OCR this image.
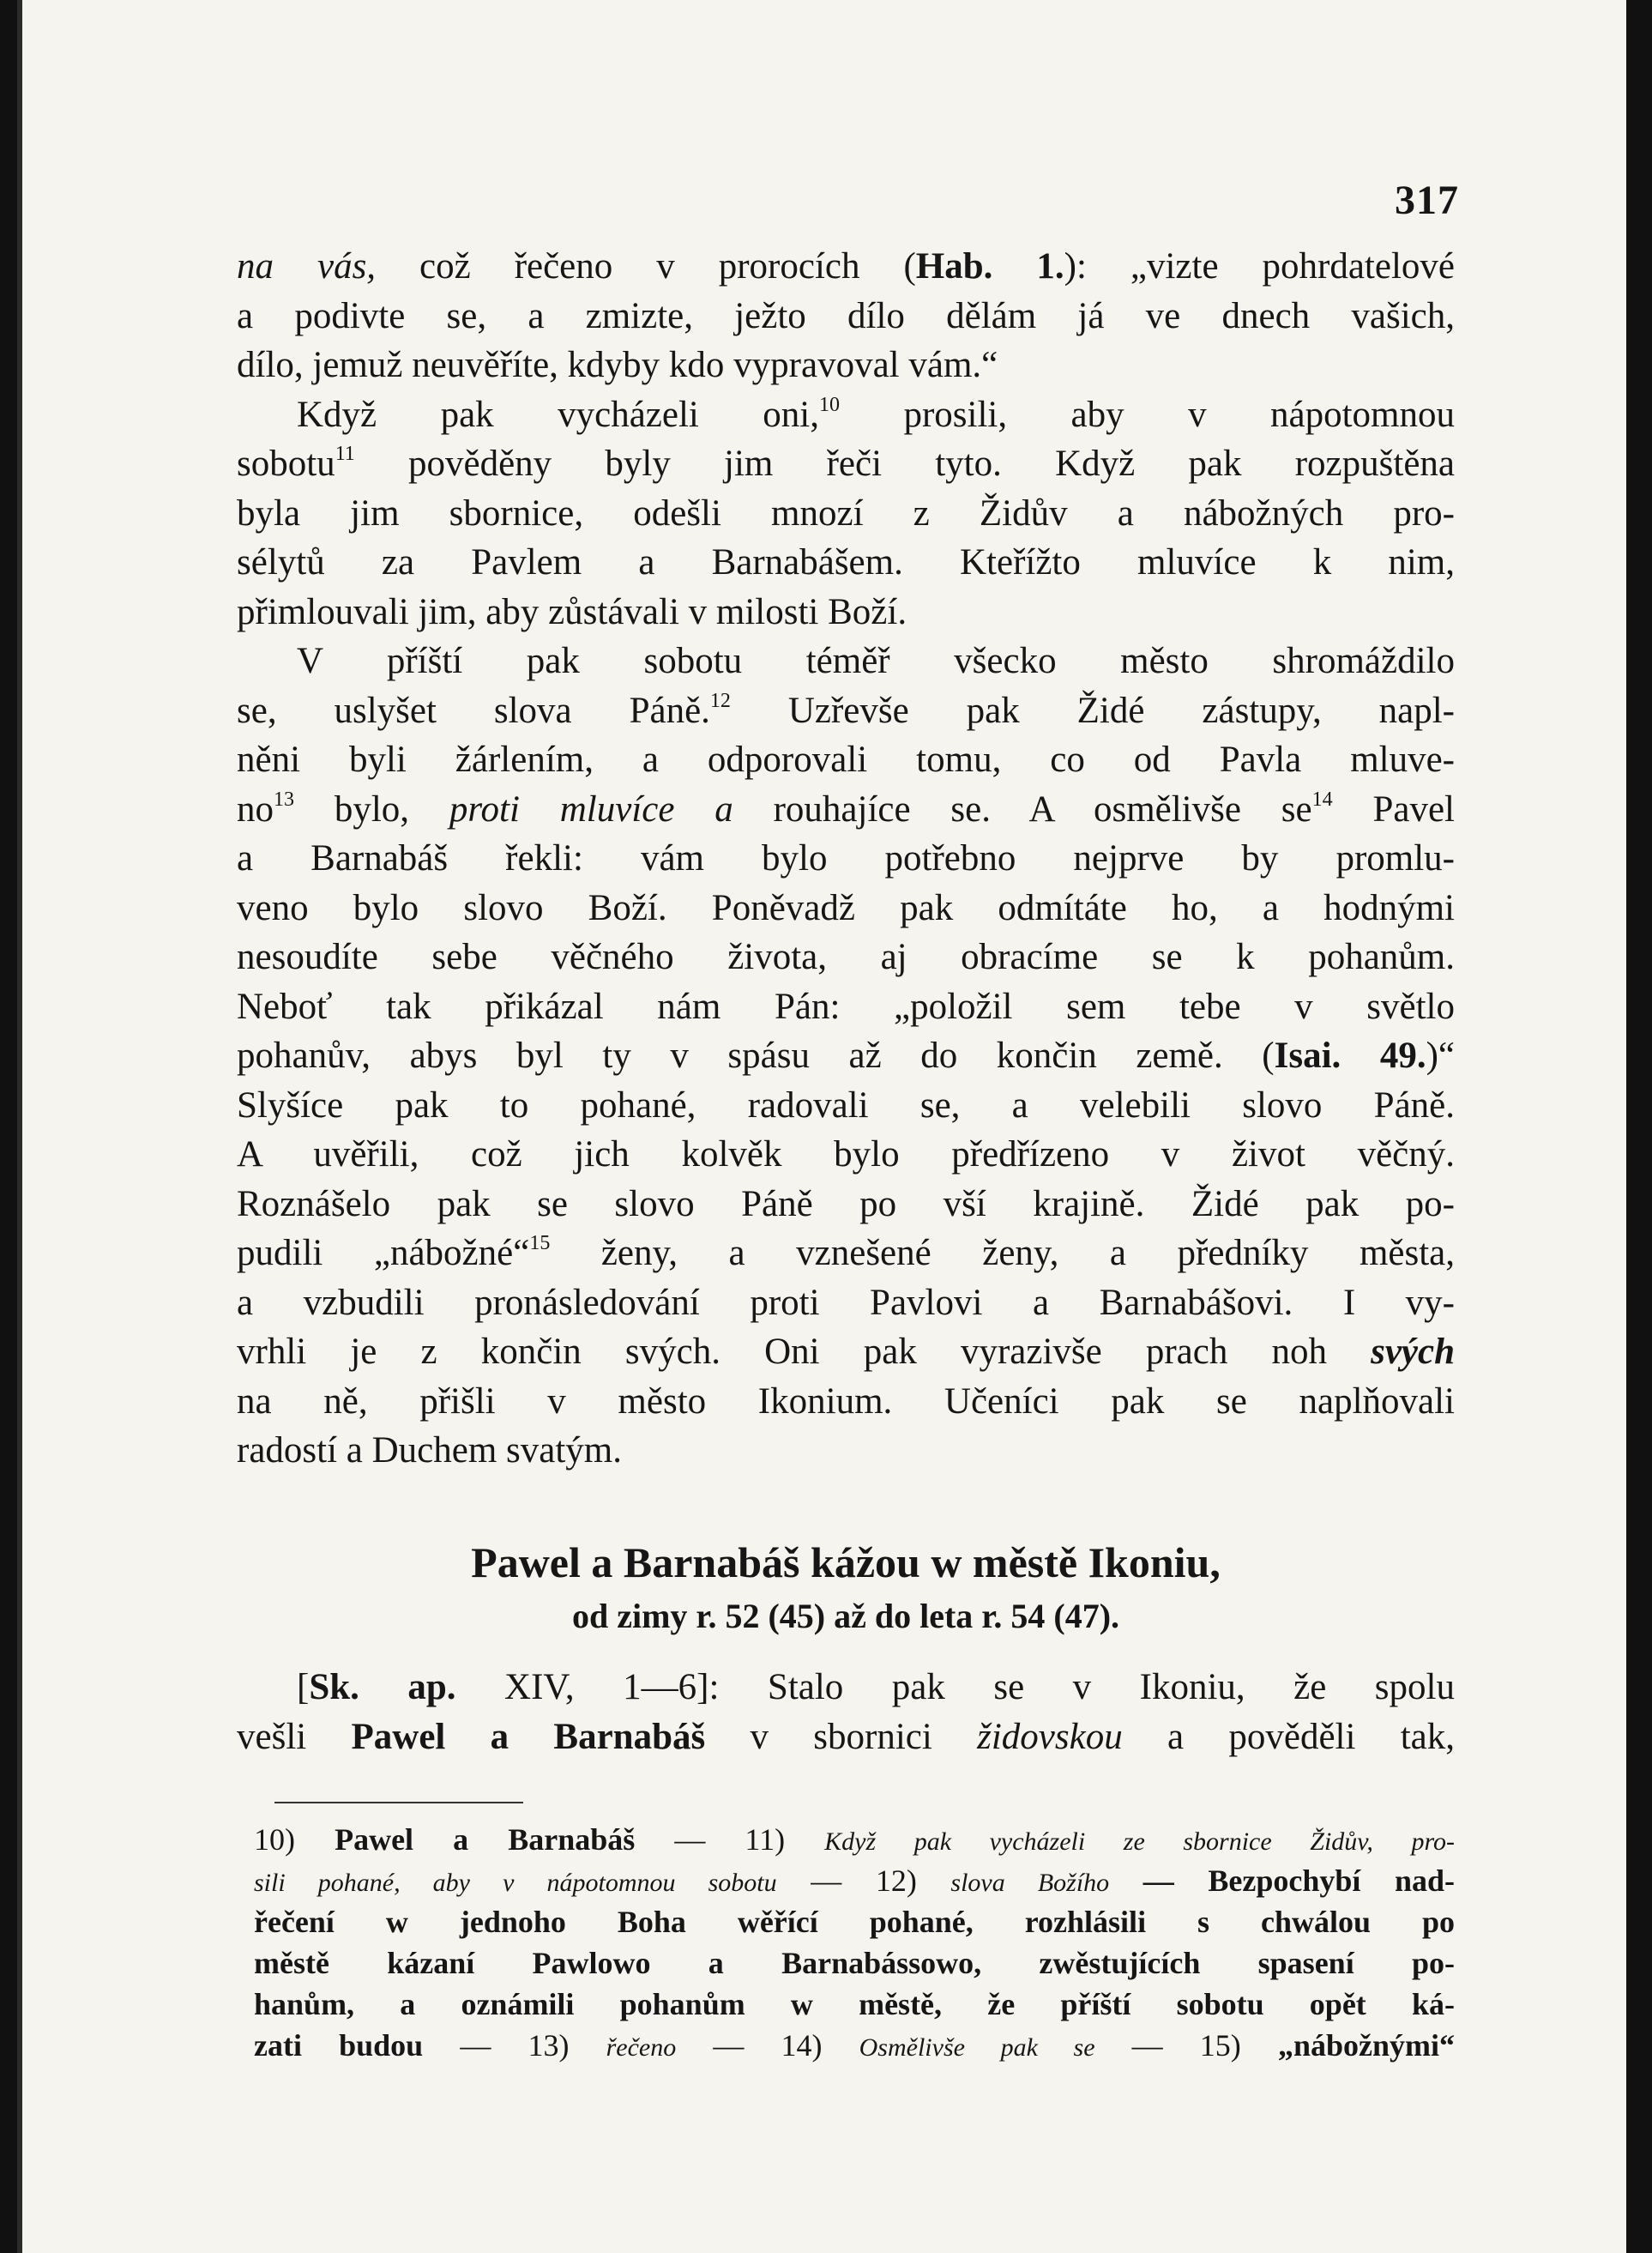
317
na vás, což řečeno v prorocích (Hab. 1.): „vizte pohrdatelové
a podivte se, a zmizte, ježto dílo dělám já ve dnech vašich,
dílo, jemuž neuvěříte, kdyby kdo vypravoval vám.“
Když pak vycházeli oni,$^{10}$ prosili, aby v nápotomnou
sobotu$^{11}$ pověděny byly jim řeči tyto. Když pak rozpuštěna
byla jim sbornice, odešli mnozí z Židův a nábožných pro-
sélytů za Pavlem a Barnabášem. Kteřížto mluvíce k nim,
přimlouvali jim, aby zůstávali v milosti Boží.
V příští pak sobotu téměř všecko město shromáždilo
se, uslyšet slova Páně.$^{12}$ Uzřevše pak Židé zástupy, napl-
něni byli žárlením, a odporovali tomu, co od Pavla mluve-
$no^{13}$ bylo, proti mluvíce a rouhajíce se. A osmělivše $se^{14}$ Pavel
a Barnabáš řekli: vám bylo potřebno nejprve by promlu-
veno bylo slovo Boží. Poněvadž pak odmítáte ho, a hodnými
nesoudíte sebe věčného života, aj obracíme se k pohanům.
Neboť tak přikázal nám Pán: „položil sem tebe v světlo
pohanův, abys byl ty v spásu až do končin země. (Isai. 49.)“
Slyšíce pak to pohané, radovali se, a velebili slovo Páně.
A uvěřili, což jich kolvěk bylo předřízeno v život věčný.
Roznášelo pak se slovo Páně po vší krajině. Židé pak po-
pudili „nábožné“$^{15}$ ženy, a vznešené ženy, a předníky města,
a vzbudili pronásledování proti Pavlovi a Barnabášovi. I vy-
vrhli je z končin svých. Oni pak vyrazivše prach noh svých
na ně, přišli v město Ikonium. Učeníci pak se naplňovali
radostí a Duchem svatým.
Pawel a Barnabáš kážou w městě Ikoniu,
od zimy r. 52 (45) až do leta r. 54 (47).
[Sk. ap. XIV, 1—6]: Stalo pak se v Ikoniu, že spolu
vešli Pawel a Barnabáš v sbornici židovskou a pověděli tak,
10) Pawel a Barnabáš — 11) Když pak vycházeli ze sbornice Židův, pro-
sili pohané, aby v nápotomnou sobotu — 12) slova Božího — Bezpochybí nad-
řečení w jednoho Boha wěřící pohané, rozhlásili s chwálou po
městě kázaní Pawlowo a Barnabássowo, zwěstujících spasení po-
hanům, a oznámili pohanům w městě, že příští sobotu opět ká-
zati budou — 13) řečeno — 14) Osmělivše pak se — 15) „nábožnými“
